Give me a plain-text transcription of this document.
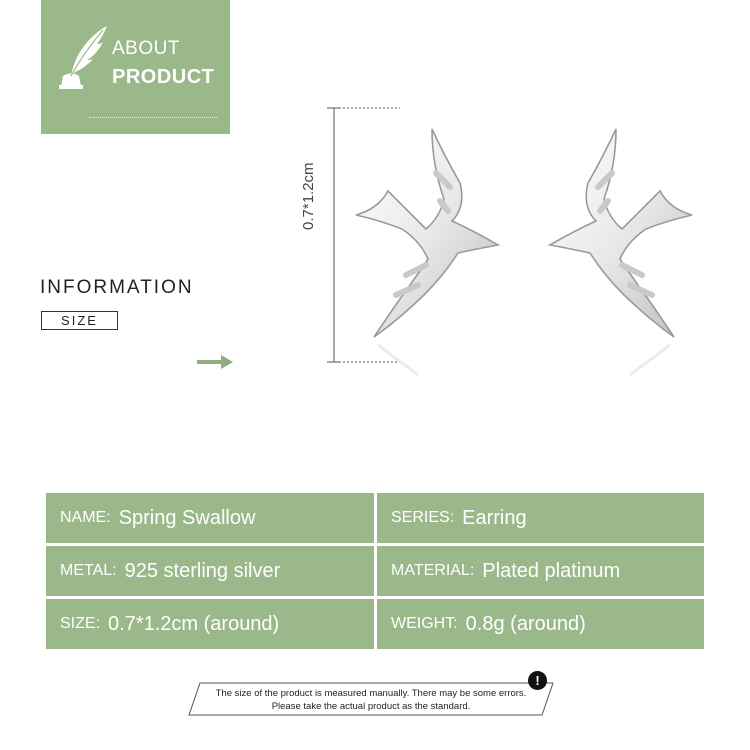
ABOUT
PRODUCT
INFORMATION
SIZE
0.7*1.2cm
NAME: Spring Swallow	SERIES: Earring
METAL: 925 sterling silver	MATERIAL: Plated platinum
SIZE: 0.7*1.2cm (around)	WEIGHT: 0.8g (around)
The size of the product is measured manually. There may be some errors.
Please take the actual product as the standard.
!
